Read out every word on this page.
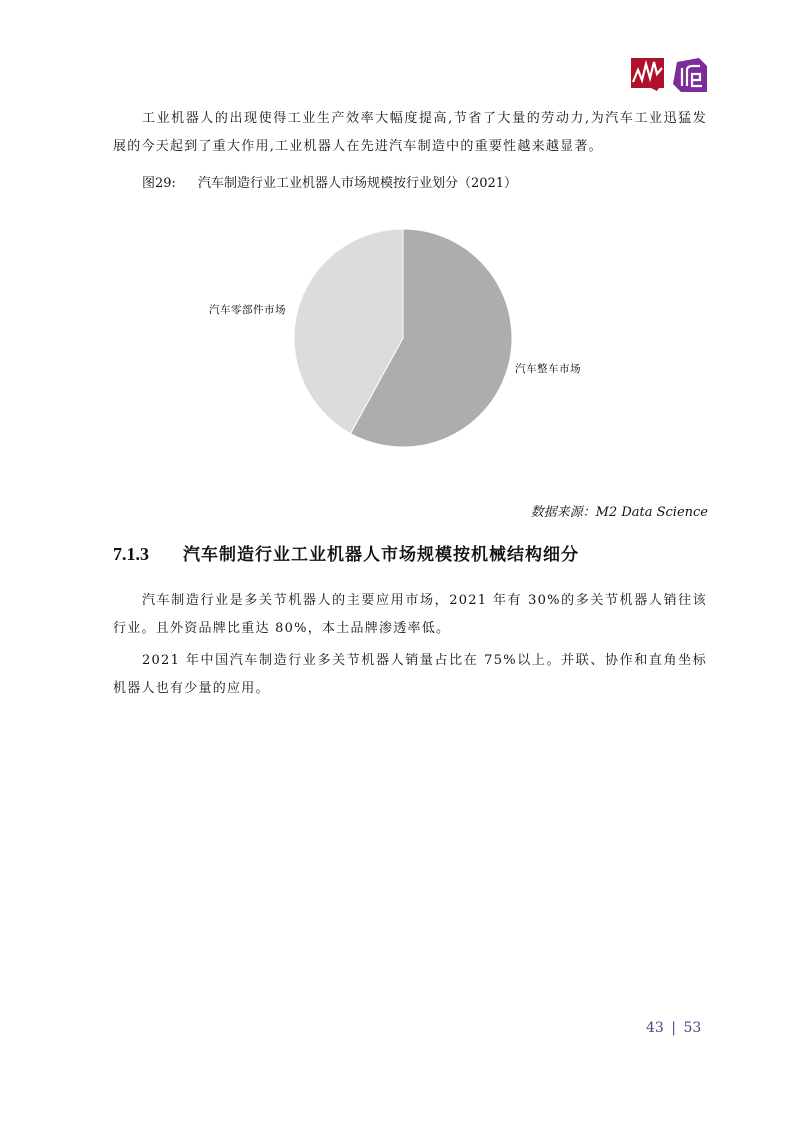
工业机器人的出现使得工业生产效率大幅度提高,节省了大量的劳动力,为汽车工业迅猛发展的今天起到了重大作用,工业机器人在先进汽车制造中的重要性越来越显著。

图29: 汽车制造行业工业机器人市场规模按行业划分（2021）
汽车整车市场
汽车零部件市场
数据来源：M2 Data Science
7.1.3 汽车制造行业工业机器人市场规模按机械结构细分

汽车制造行业是多关节机器人的主要应用市场，2021 年有 30%的多关节机器人销往该行业。且外资品牌比重达 80%，本土品牌渗透率低。

2021 年中国汽车制造行业多关节机器人销量占比在 75%以上。并联、协作和直角坐标机器人也有少量的应用。

43 | 53
